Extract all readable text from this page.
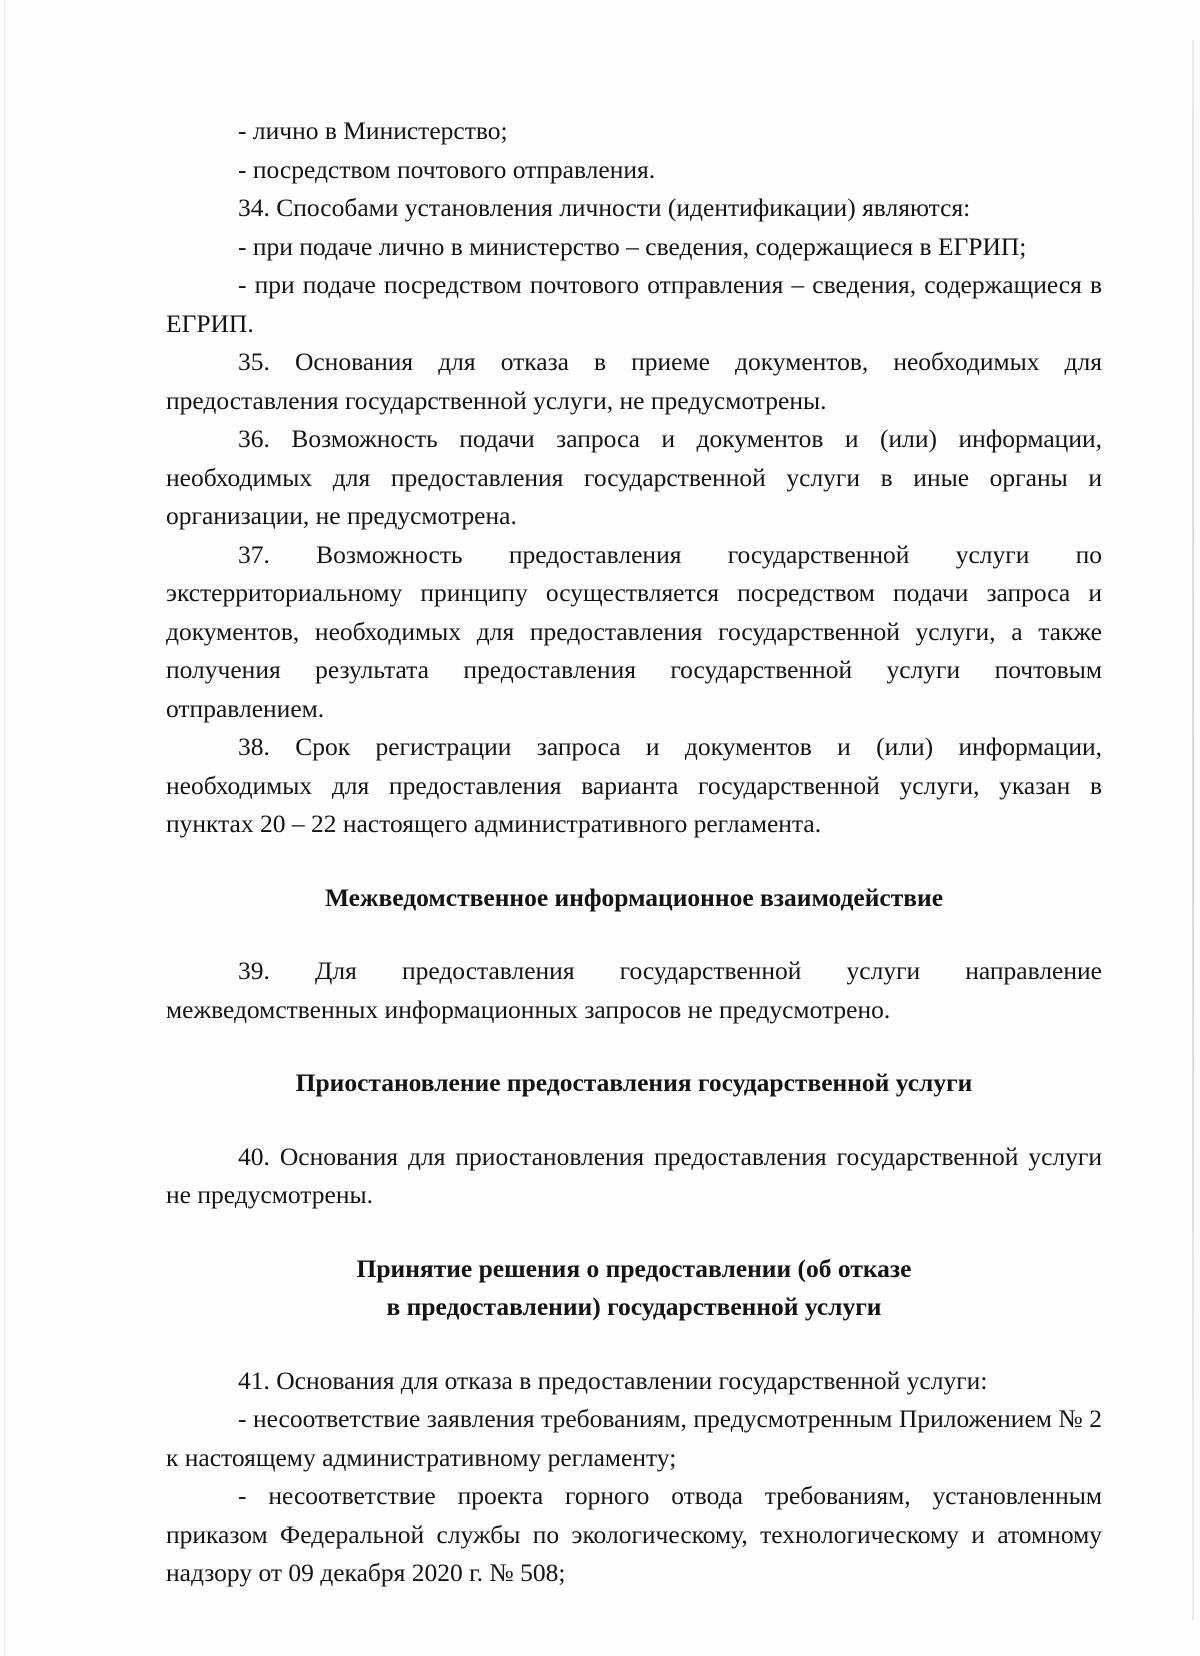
- лично в Министерство;

- посредством почтового отправления.

34. Способами установления личности (идентификации) являются:

- при подаче лично в министерство – сведения, содержащиеся в ЕГРИП;

- при подаче посредством почтового отправления – сведения, содержащиеся в ЕГРИП.

35. Основания для отказа в приеме документов, необходимых для предоставления государственной услуги, не предусмотрены.

36. Возможность подачи запроса и документов и (или) информации, необходимых для предоставления государственной услуги в иные органы и организации, не предусмотрена.

37. Возможность предоставления государственной услуги по экстерриториальному принципу осуществляется посредством подачи запроса и документов, необходимых для предоставления государственной услуги, а также получения результата предоставления государственной услуги почтовым отправлением.

38. Срок регистрации запроса и документов и (или) информации, необходимых для предоставления варианта государственной услуги, указан в пунктах 20 – 22 настоящего административного регламента.

Межведомственное информационное взаимодействие

39. Для предоставления государственной услуги направление межведомственных информационных запросов не предусмотрено.

Приостановление предоставления государственной услуги

40. Основания для приостановления предоставления государственной услуги не предусмотрены.

Принятие решения о предоставлении (об отказе
в предоставлении) государственной услуги

41. Основания для отказа в предоставлении государственной услуги:

- несоответствие заявления требованиям, предусмотренным Приложением № 2 к настоящему административному регламенту;

- несоответствие проекта горного отвода требованиям, установленным приказом Федеральной службы по экологическому, технологическому и атомному надзору от 09 декабря 2020 г. № 508;
